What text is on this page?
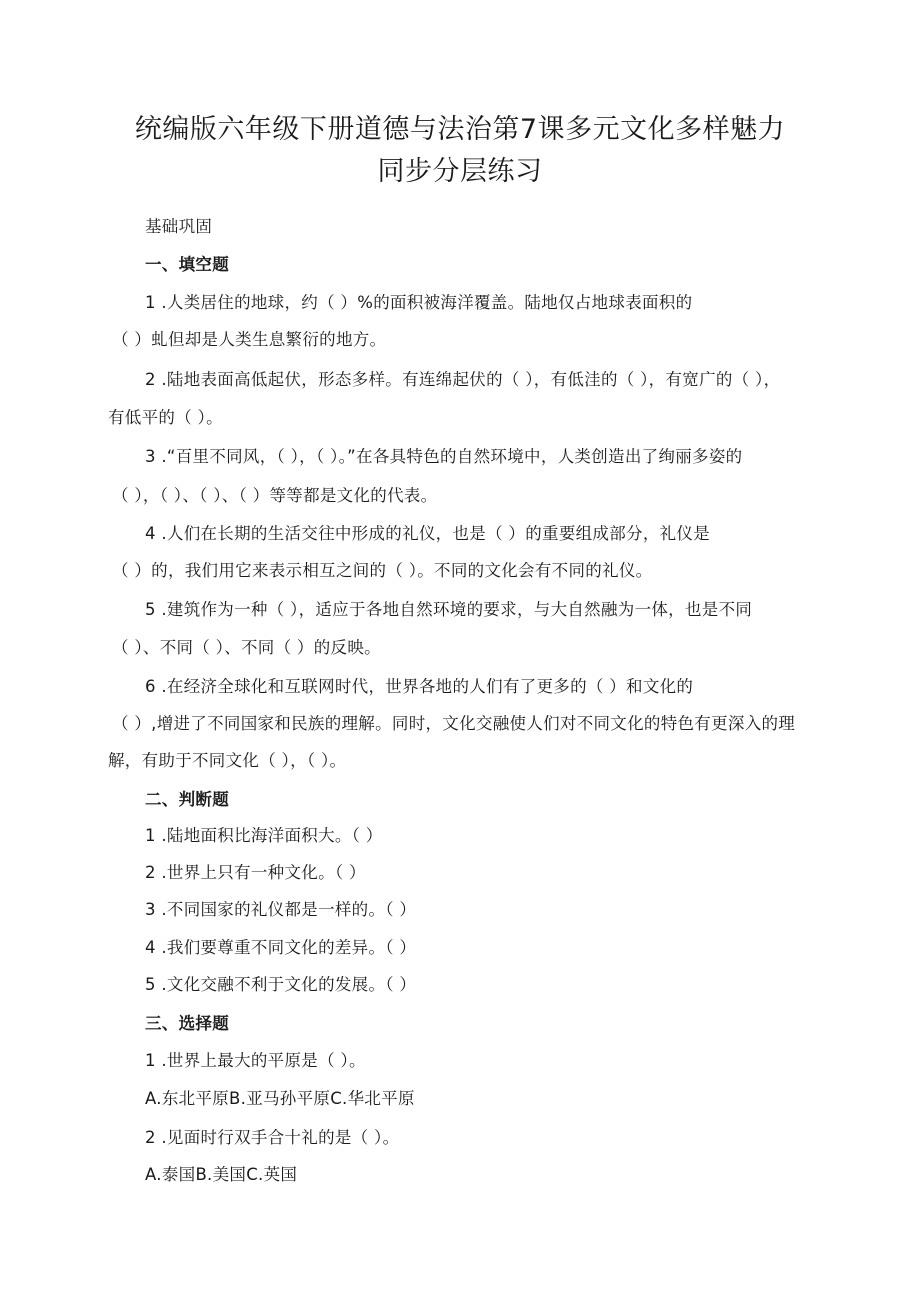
统编版六年级下册道德与法治第7课多元文化多样魅力
同步分层练习
基础巩固
一、填空题
1 .人类居住的地球，约（ ）%的面积被海洋覆盖。陆地仅占地球表面积的
（ ）虬但却是人类生息繁衍的地方。
2 .陆地表面高低起伏，形态多样。有连绵起伏的（ ），有低洼的（ ），有宽广的（ ），
有低平的（ ）。
3 .“百里不同风，（ ），（ ）。”在各具特色的自然环境中，人类创造出了绚丽多姿的
（ ），（ ）、（ ）、（ ）等等都是文化的代表。
4 .人们在长期的生活交往中形成的礼仪，也是（ ）的重要组成部分，礼仪是
（ ）的，我们用它来表示相互之间的（ ）。不同的文化会有不同的礼仪。
5 .建筑作为一种（ ），适应于各地自然环境的要求，与大自然融为一体，也是不同
（ ）、不同（ ）、不同（ ）的反映。
6 .在经济全球化和互联网时代，世界各地的人们有了更多的（ ）和文化的
（ ）,增进了不同国家和民族的理解。同时，文化交融使人们对不同文化的特色有更深入的理
解，有助于不同文化（ ），（ ）。
二、判断题
1 .陆地面积比海洋面积大。（ ）
2 .世界上只有一种文化。（ ）
3 .不同国家的礼仪都是一样的。（ ）
4 .我们要尊重不同文化的差异。（ ）
5 .文化交融不利于文化的发展。（ ）
三、选择题
1 .世界上最大的平原是（ ）。
A.东北平原B.亚马孙平原C.华北平原
2 .见面时行双手合十礼的是（ ）。
A.泰国B.美国C.英国
